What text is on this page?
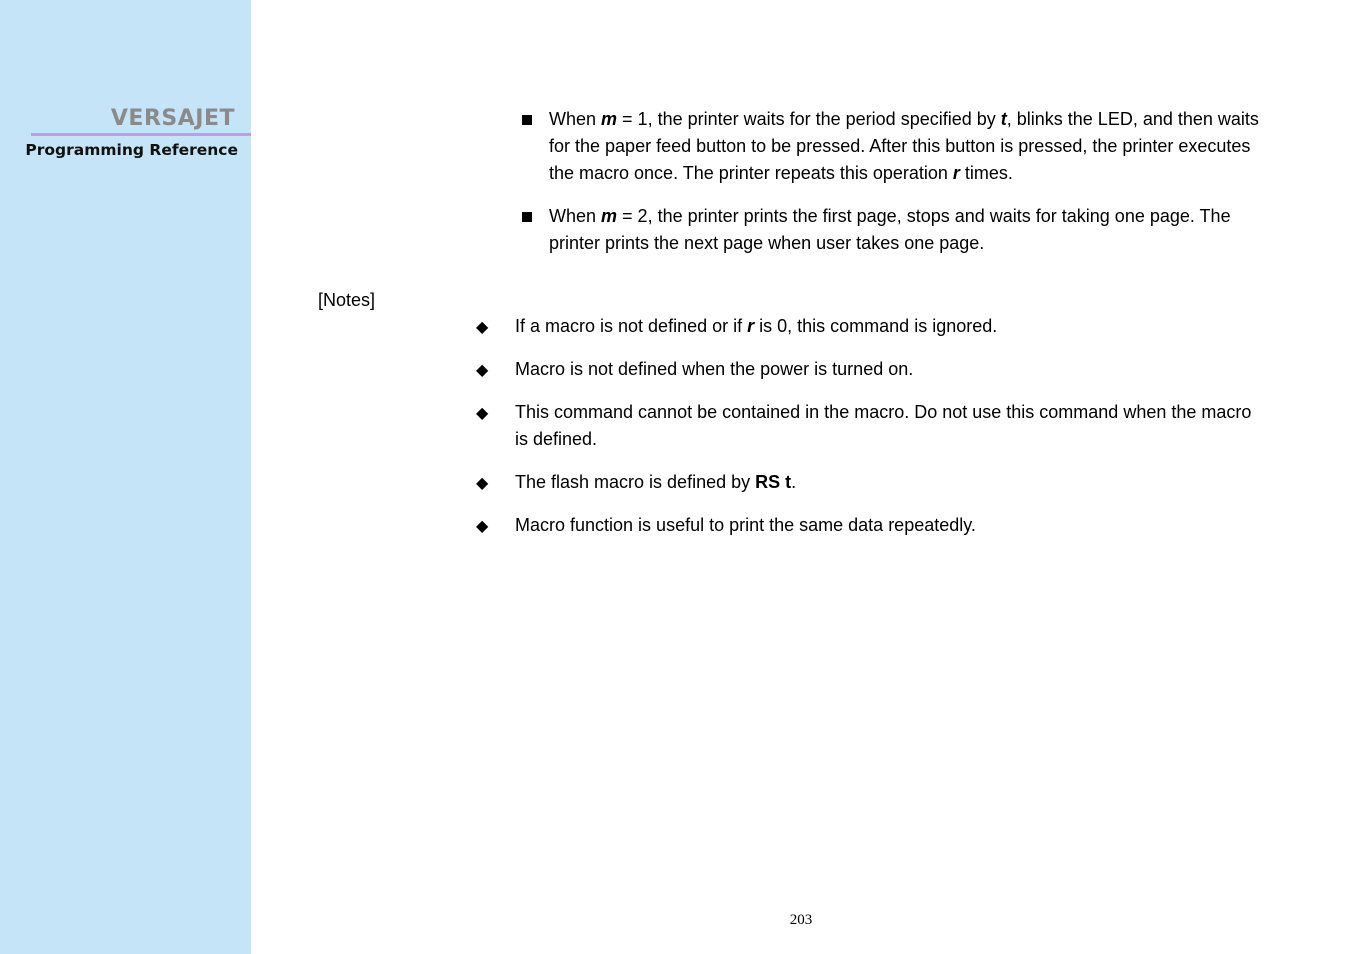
VERSAJET
Programming Reference
When m = 1, the printer waits for the period specified by t, blinks the LED, and then waits for the paper feed button to be pressed. After this button is pressed, the printer executes the macro once. The printer repeats this operation r times.
When m = 2, the printer prints the first page, stops and waits for taking one page. The printer prints the next page when user takes one page.
[Notes]
◆ If a macro is not defined or if r is 0, this command is ignored.
◆ Macro is not defined when the power is turned on.
◆ This command cannot be contained in the macro. Do not use this command when the macro is defined.
◆ The flash macro is defined by RS t.
◆ Macro function is useful to print the same data repeatedly.
203
